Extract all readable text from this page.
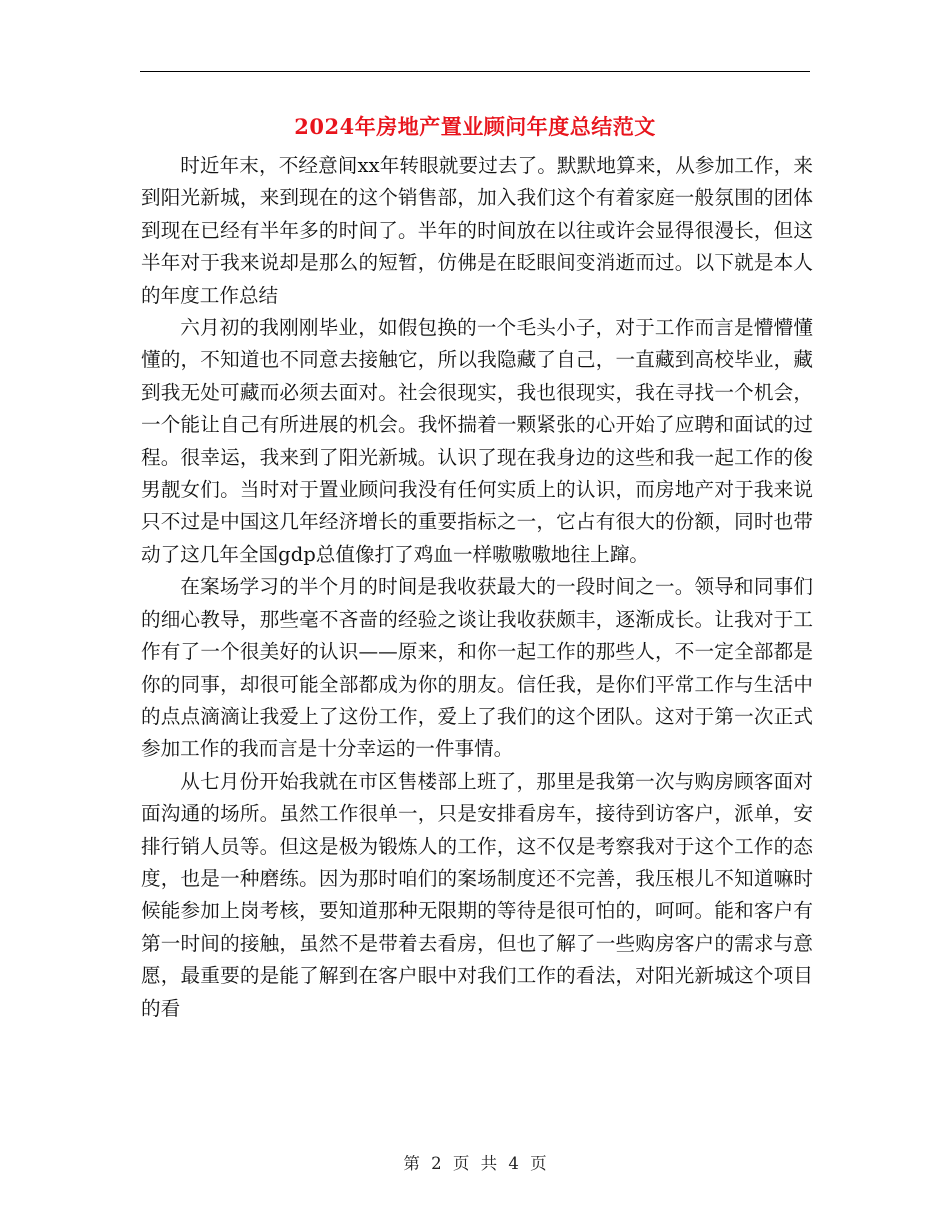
2024年房地产置业顾问年度总结范文

时近年末，不经意间xx年转眼就要过去了。默默地算来，从参加工作，来到阳光新城，来到现在的这个销售部，加入我们这个有着家庭一般氛围的团体到现在已经有半年多的时间了。半年的时间放在以往或许会显得很漫长，但这半年对于我来说却是那么的短暂，仿佛是在眨眼间变消逝而过。以下就是本人的年度工作总结

六月初的我刚刚毕业，如假包换的一个毛头小子，对于工作而言是懵懵懂懂的，不知道也不同意去接触它，所以我隐藏了自己，一直藏到高校毕业，藏到我无处可藏而必须去面对。社会很现实，我也很现实，我在寻找一个机会，一个能让自己有所进展的机会。我怀揣着一颗紧张的心开始了应聘和面试的过程。很幸运，我来到了阳光新城。认识了现在我身边的这些和我一起工作的俊男靓女们。当时对于置业顾问我没有任何实质上的认识，而房地产对于我来说只不过是中国这几年经济增长的重要指标之一，它占有很大的份额，同时也带动了这几年全国gdp总值像打了鸡血一样嗷嗷嗷地往上蹿。

在案场学习的半个月的时间是我收获最大的一段时间之一。领导和同事们的细心教导，那些毫不吝啬的经验之谈让我收获颇丰，逐渐成长。让我对于工作有了一个很美好的认识——原来，和你一起工作的那些人，不一定全部都是你的同事，却很可能全部都成为你的朋友。信任我，是你们平常工作与生活中的点点滴滴让我爱上了这份工作，爱上了我们的这个团队。这对于第一次正式参加工作的我而言是十分幸运的一件事情。

从七月份开始我就在市区售楼部上班了，那里是我第一次与购房顾客面对面沟通的场所。虽然工作很单一，只是安排看房车，接待到访客户，派单，安排行销人员等。但这是极为锻炼人的工作，这不仅是考察我对于这个工作的态度，也是一种磨练。因为那时咱们的案场制度还不完善，我压根儿不知道嘛时候能参加上岗考核，要知道那种无限期的等待是很可怕的，呵呵。能和客户有第一时间的接触，虽然不是带着去看房，但也了解了一些购房客户的需求与意愿，最重要的是能了解到在客户眼中对我们工作的看法，对阳光新城这个项目的看

第 2 页 共 4 页
